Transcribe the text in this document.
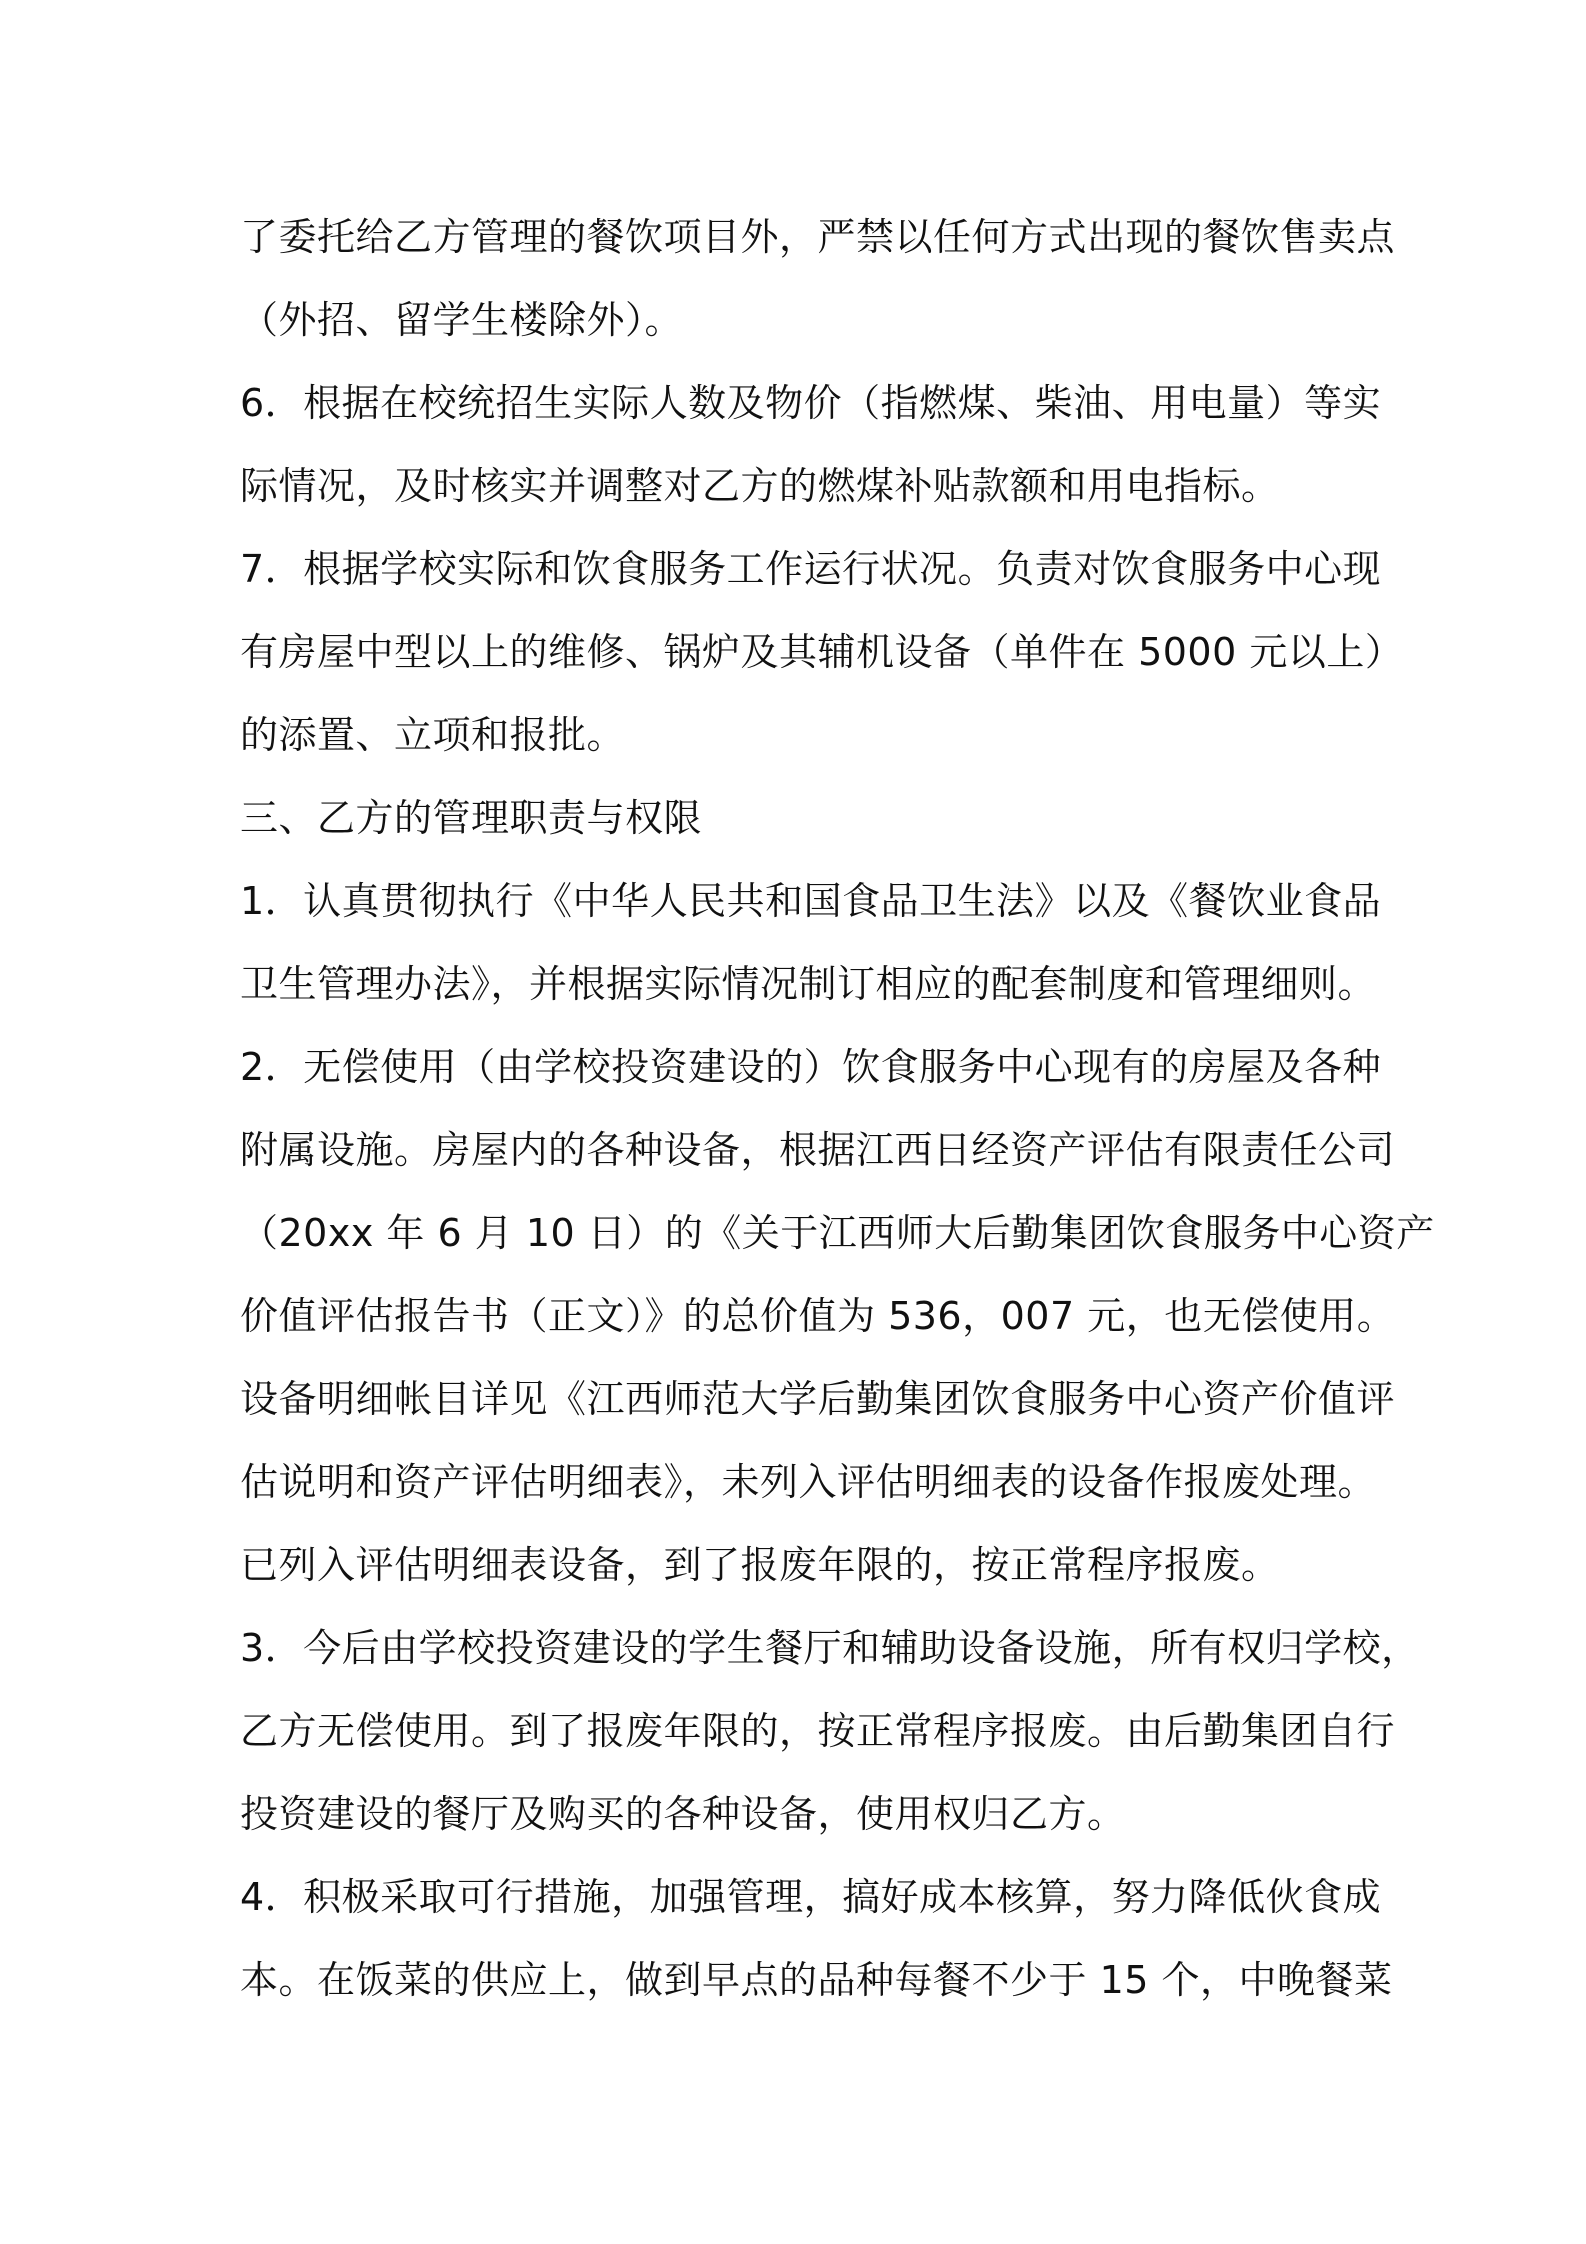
了委托给乙方管理的餐饮项目外，严禁以任何方式出现的餐饮售卖点
（外招、留学生楼除外）。
6．根据在校统招生实际人数及物价（指燃煤、柴油、用电量）等实
际情况，及时核实并调整对乙方的燃煤补贴款额和用电指标。
7．根据学校实际和饮食服务工作运行状况。负责对饮食服务中心现
有房屋中型以上的维修、锅炉及其辅机设备（单件在 5000 元以上）
的添置、立项和报批。
三、乙方的管理职责与权限
1．认真贯彻执行《中华人民共和国食品卫生法》以及《餐饮业食品
卫生管理办法》，并根据实际情况制订相应的配套制度和管理细则。
2．无偿使用（由学校投资建设的）饮食服务中心现有的房屋及各种
附属设施。房屋内的各种设备，根据江西日经资产评估有限责任公司
（20xx 年 6 月 10 日）的《关于江西师大后勤集团饮食服务中心资产
价值评估报告书（正文）》的总价值为 536，007 元，也无偿使用。
设备明细帐目详见《江西师范大学后勤集团饮食服务中心资产价值评
估说明和资产评估明细表》，未列入评估明细表的设备作报废处理。
已列入评估明细表设备，到了报废年限的，按正常程序报废。
3．今后由学校投资建设的学生餐厅和辅助设备设施，所有权归学校，
乙方无偿使用。到了报废年限的，按正常程序报废。由后勤集团自行
投资建设的餐厅及购买的各种设备，使用权归乙方。
4．积极采取可行措施，加强管理，搞好成本核算，努力降低伙食成
本。在饭菜的供应上，做到早点的品种每餐不少于 15 个，中晚餐菜
